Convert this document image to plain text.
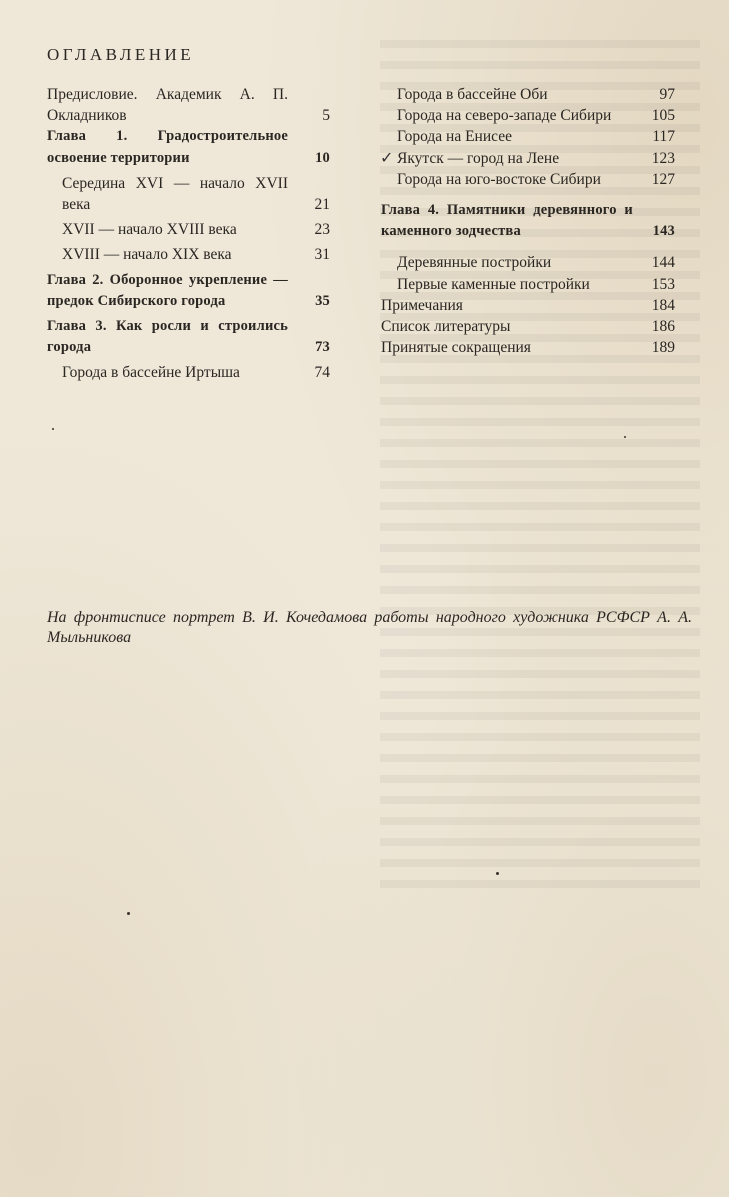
ОГЛАВЛЕНИЕ
Предисловие. Академик А. П. Окладников	5
Глава 1. Градостроительное освоение территории	10
Середина XVI — начало XVII века	21
XVII — начало XVIII века	23
XVIII — начало XIX века	31
Глава 2. Оборонное укрепление — предок Сибирского города	35
Глава 3. Как росли и строились города	73
Города в бассейне Иртыша	74
Города в бассейне Оби	97
Города на северо-западе Сибири	105
Города на Енисее	117
✓ Якутск — город на Лене	123
Города на юго-востоке Сибири	127
Глава 4. Памятники деревянного и каменного зодчества	143
Деревянные постройки	144
Первые каменные постройки	153
Примечания	184
Список литературы	186
Принятые сокращения	189
На фронтисписе портрет В. И. Кочедамова работы народного художника РСФСР А. А. Мыльникова
